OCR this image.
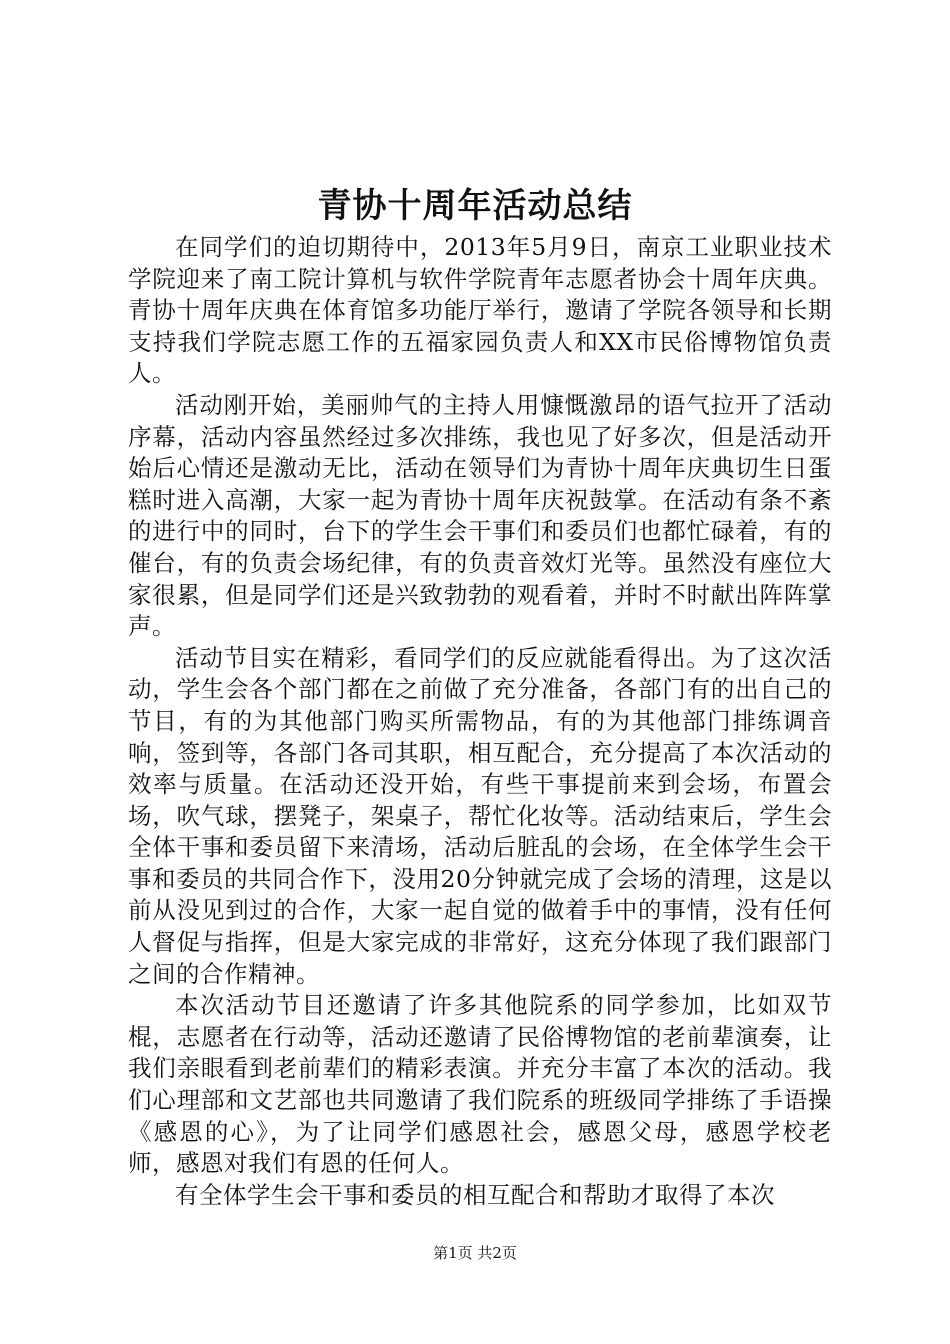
青协十周年活动总结

在同学们的迫切期待中，2013年5月9日，南京工业职业技术学院迎来了南工院计算机与软件学院青年志愿者协会十周年庆典。青协十周年庆典在体育馆多功能厅举行，邀请了学院各领导和长期支持我们学院志愿工作的五福家园负责人和XX市民俗博物馆负责人。

活动刚开始，美丽帅气的主持人用慷慨激昂的语气拉开了活动序幕，活动内容虽然经过多次排练，我也见了好多次，但是活动开始后心情还是激动无比，活动在领导们为青协十周年庆典切生日蛋糕时进入高潮，大家一起为青协十周年庆祝鼓掌。在活动有条不紊的进行中的同时，台下的学生会干事们和委员们也都忙碌着，有的催台，有的负责会场纪律，有的负责音效灯光等。虽然没有座位大家很累，但是同学们还是兴致勃勃的观看着，并时不时献出阵阵掌声。

活动节目实在精彩，看同学们的反应就能看得出。为了这次活动，学生会各个部门都在之前做了充分准备，各部门有的出自己的节目，有的为其他部门购买所需物品，有的为其他部门排练调音响，签到等，各部门各司其职，相互配合，充分提高了本次活动的效率与质量。在活动还没开始，有些干事提前来到会场，布置会场，吹气球，摆凳子，架桌子，帮忙化妆等。活动结束后，学生会全体干事和委员留下来清场，活动后脏乱的会场，在全体学生会干事和委员的共同合作下，没用20分钟就完成了会场的清理，这是以前从没见到过的合作，大家一起自觉的做着手中的事情，没有任何人督促与指挥，但是大家完成的非常好，这充分体现了我们跟部门之间的合作精神。

本次活动节目还邀请了许多其他院系的同学参加，比如双节棍，志愿者在行动等，活动还邀请了民俗博物馆的老前辈演奏，让我们亲眼看到老前辈们的精彩表演。并充分丰富了本次的活动。我们心理部和文艺部也共同邀请了我们院系的班级同学排练了手语操《感恩的心》，为了让同学们感恩社会，感恩父母，感恩学校老师，感恩对我们有恩的任何人。

有全体学生会干事和委员的相互配合和帮助才取得了本次

第1页 共2页
